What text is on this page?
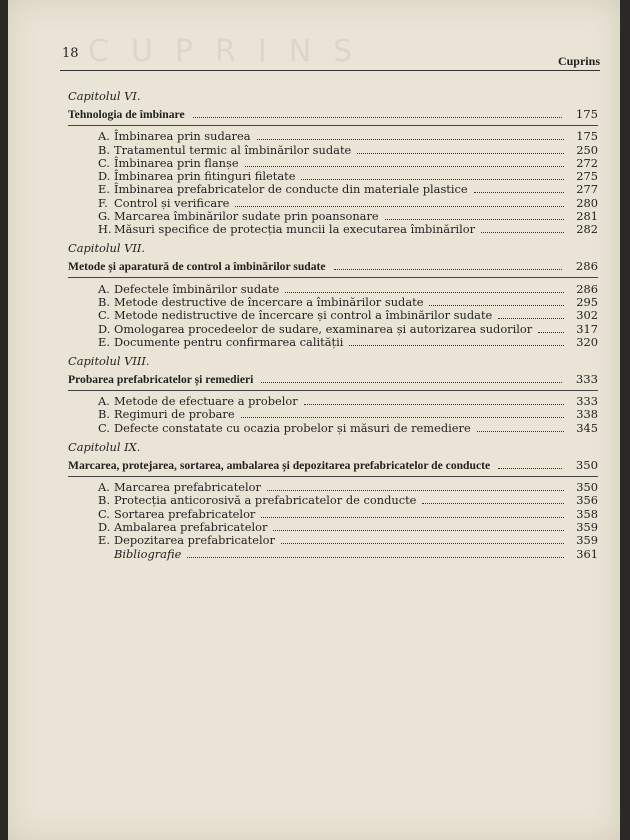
CUPRINS
18	Cuprins
Capitolul VI.
Tehnologia de îmbinare	175
A. Îmbinarea prin sudarea	175
B. Tratamentul termic al îmbinărilor sudate	250
C. Îmbinarea prin flanșe	272
D. Îmbinarea prin fitinguri filetate	275
E. Îmbinarea prefabricatelor de conducte din materiale plastice	277
F. Control și verificare	280
G. Marcarea îmbinărilor sudate prin poansonare	281
H. Măsuri specifice de protecția muncii la executarea îmbinărilor	282
Capitolul VII.
Metode și aparatură de control a îmbinărilor sudate	286
A. Defectele îmbinărilor sudate	286
B. Metode destructive de încercare a îmbinărilor sudate	295
C. Metode nedistructive de încercare și control a îmbinărilor sudate	302
D. Omologarea procedeelor de sudare, examinarea și autorizarea sudorilor	317
E. Documente pentru confirmarea calității	320
Capitolul VIII.
Probarea prefabricatelor și remedieri	333
A. Metode de efectuare a probelor	333
B. Regimuri de probare	338
C. Defecte constatate cu ocazia probelor și măsuri de remediere	345
Capitolul IX.
Marcarea, protejarea, sortarea, ambalarea și depozitarea prefabricatelor de conducte	350
A. Marcarea prefabricatelor	350
B. Protecția anticorosivă a prefabricatelor de conducte	356
C. Sortarea prefabricatelor	358
D. Ambalarea prefabricatelor	359
E. Depozitarea prefabricatelor	359
Bibliografie	361
